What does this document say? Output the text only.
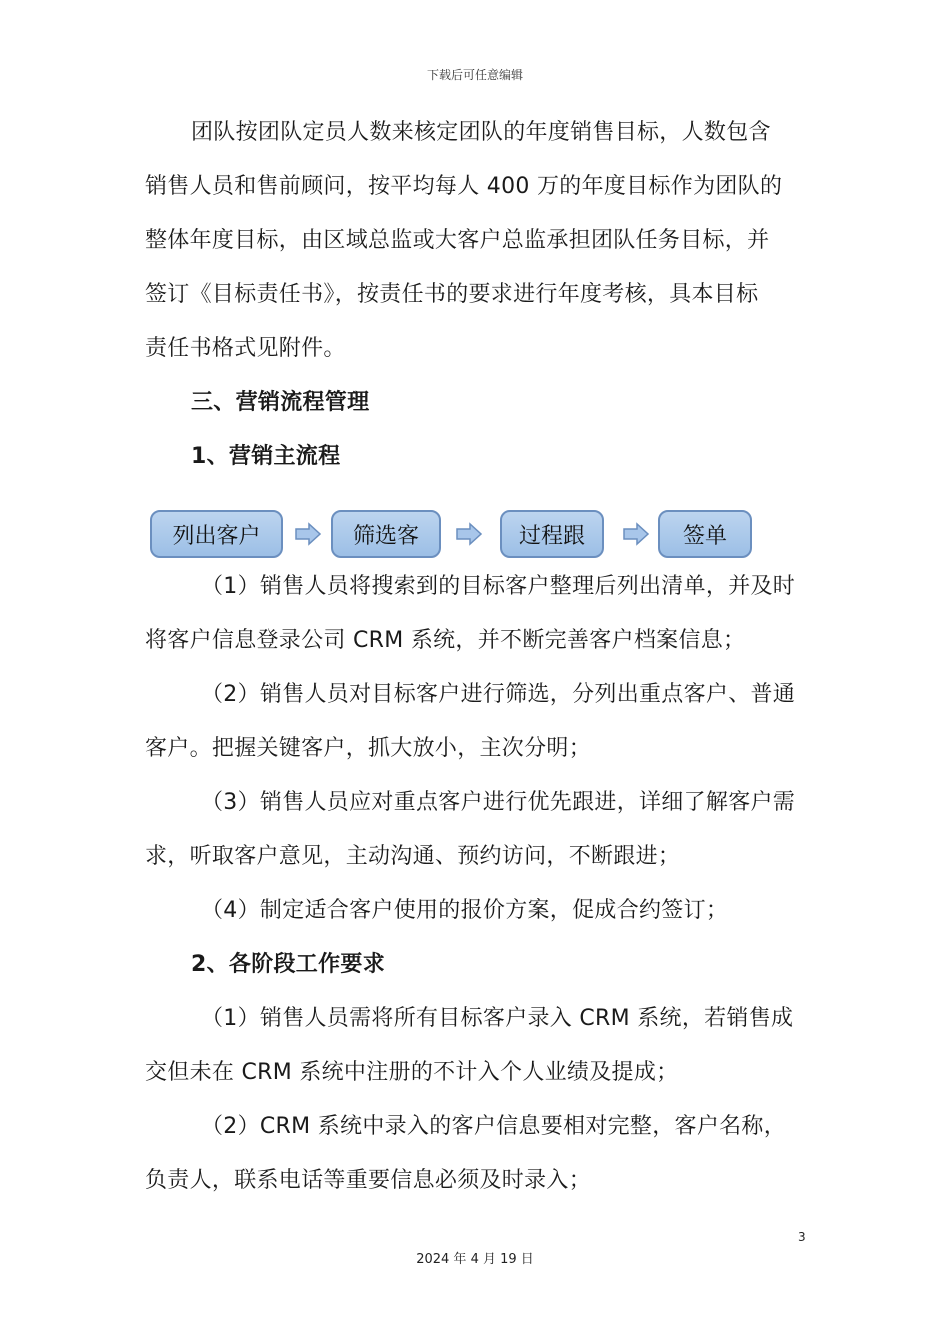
下载后可任意编辑
团队按团队定员人数来核定团队的年度销售目标，人数包含
销售人员和售前顾问，按平均每人 400 万的年度目标作为团队的
整体年度目标，由区域总监或大客户总监承担团队任务目标，并
签订《目标责任书》，按责任书的要求进行年度考核，具本目标
责任书格式见附件。
三、营销流程管理
1、营销主流程
（1）销售人员将搜索到的目标客户整理后列出清单，并及时
将客户信息登录公司 CRM 系统，并不断完善客户档案信息；
（2）销售人员对目标客户进行筛选，分列出重点客户、普通
客户。把握关键客户，抓大放小，主次分明；
（3）销售人员应对重点客户进行优先跟进，详细了解客户需
求，听取客户意见，主动沟通、预约访问，不断跟进；
（4）制定适合客户使用的报价方案，促成合约签订；
2、各阶段工作要求
（1）销售人员需将所有目标客户录入 CRM 系统，若销售成
交但未在 CRM 系统中注册的不计入个人业绩及提成；
（2）CRM 系统中录入的客户信息要相对完整，客户名称，
负责人，联系电话等重要信息必须及时录入；
列出客户	筛选客	过程跟	签单
3
2024 年 4 月 19 日
